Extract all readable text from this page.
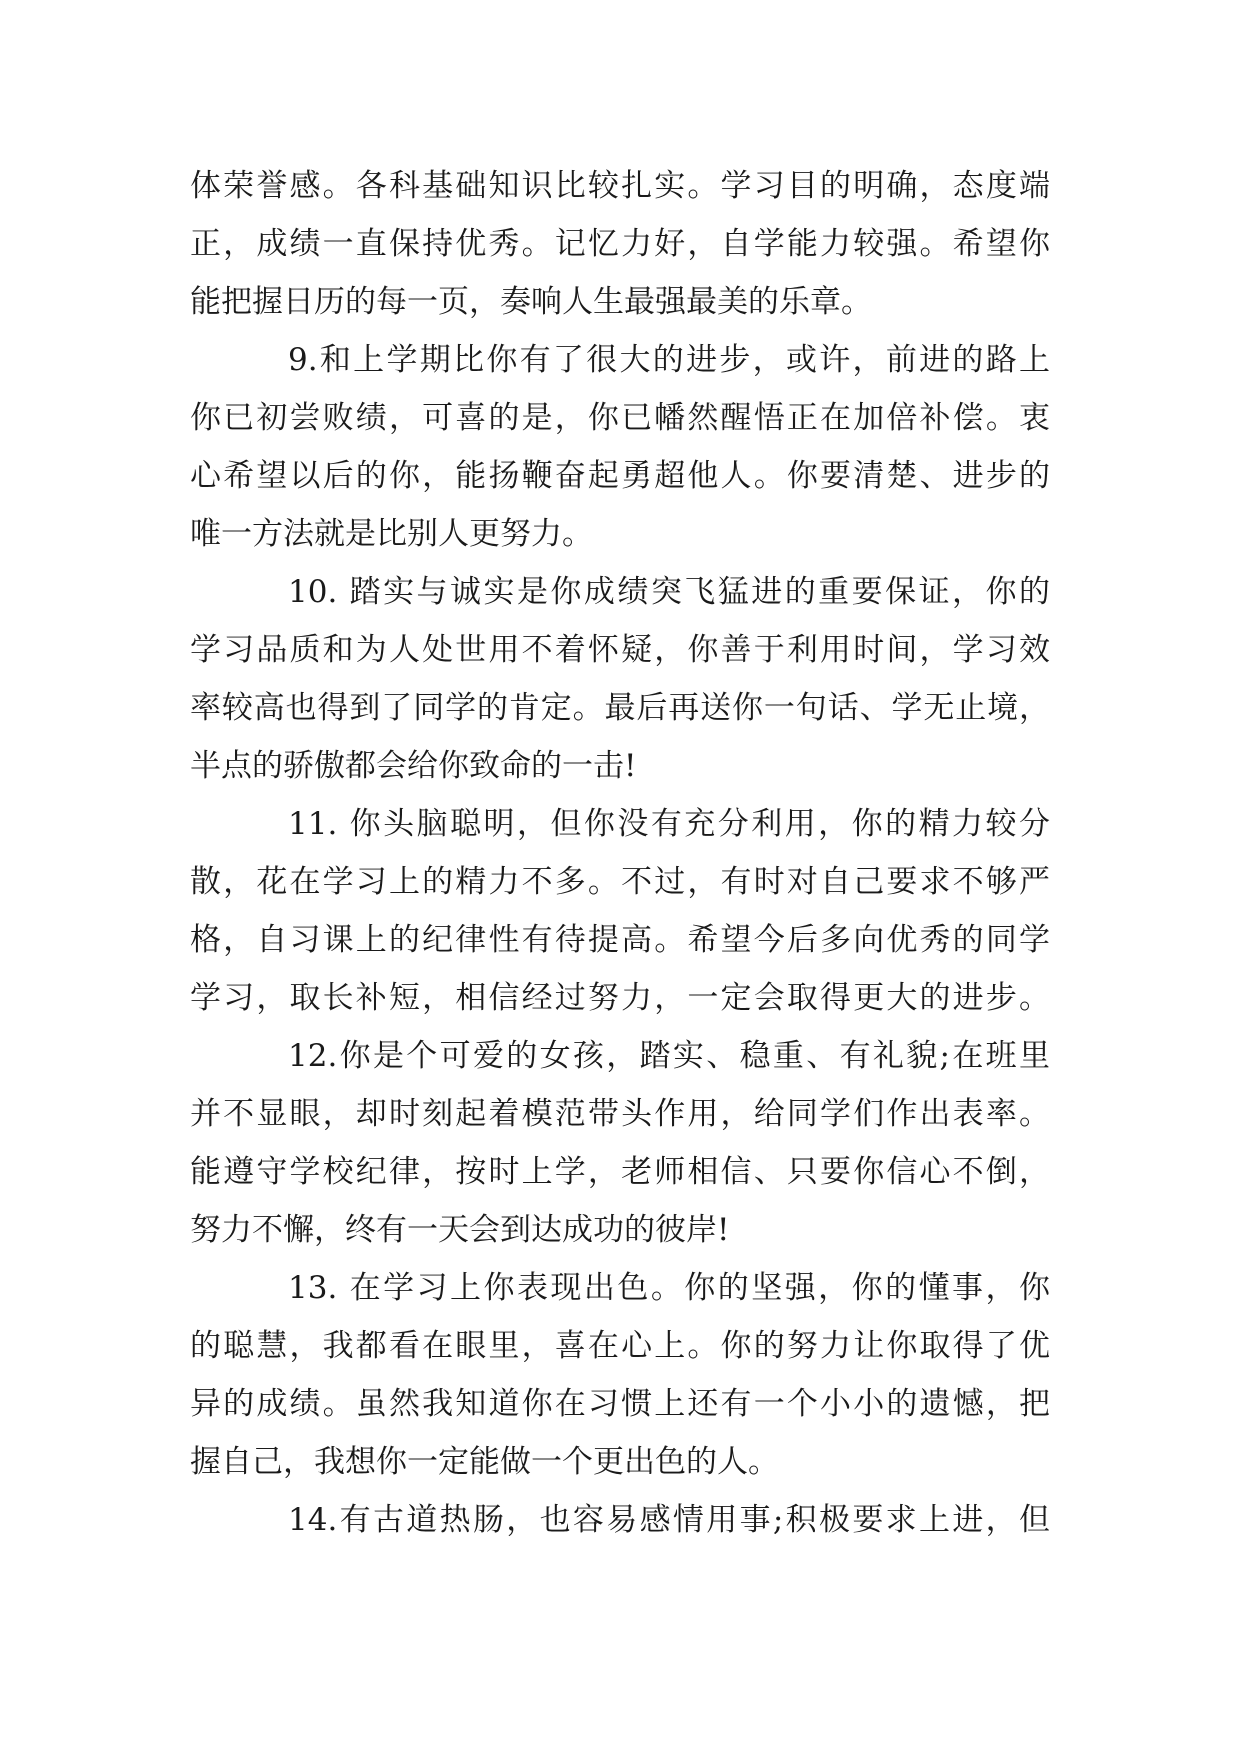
体荣誉感。各科基础知识比较扎实。学习目的明确，态度端
正，成绩一直保持优秀。记忆力好，自学能力较强。希望你
能把握日历的每一页，奏响人生最强最美的乐章。
9.和上学期比你有了很大的进步，或许，前进的路上
你已初尝败绩，可喜的是，你已幡然醒悟正在加倍补偿。衷
心希望以后的你，能扬鞭奋起勇超他人。你要清楚、进步的
唯一方法就是比别人更努力。
10. 踏实与诚实是你成绩突飞猛进的重要保证，你的
学习品质和为人处世用不着怀疑，你善于利用时间，学习效
率较高也得到了同学的肯定。最后再送你一句话、学无止境，
半点的骄傲都会给你致命的一击!
11. 你头脑聪明，但你没有充分利用，你的精力较分
散，花在学习上的精力不多。不过，有时对自己要求不够严
格，自习课上的纪律性有待提高。希望今后多向优秀的同学
学习，取长补短，相信经过努力，一定会取得更大的进步。
12.你是个可爱的女孩，踏实、稳重、有礼貌;在班里
并不显眼，却时刻起着模范带头作用，给同学们作出表率。
能遵守学校纪律，按时上学，老师相信、只要你信心不倒，
努力不懈，终有一天会到达成功的彼岸!
13. 在学习上你表现出色。你的坚强，你的懂事，你
的聪慧，我都看在眼里，喜在心上。你的努力让你取得了优
异的成绩。虽然我知道你在习惯上还有一个小小的遗憾，把
握自己，我想你一定能做一个更出色的人。
14.有古道热肠，也容易感情用事;积极要求上进，但
